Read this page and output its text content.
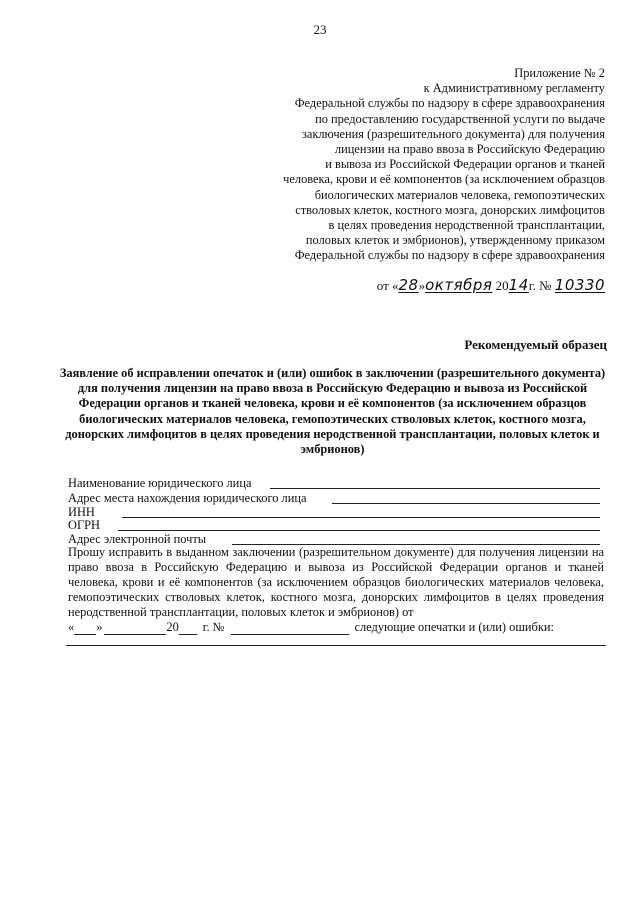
23
Приложение № 2
к Административному регламенту
Федеральной службы по надзору в сфере здравоохранения
по предоставлению государственной услуги по выдаче
заключения (разрешительного документа) для получения
лицензии на право ввоза в Российскую Федерацию
и вывоза из Российской Федерации органов и тканей
человека, крови и её компонентов (за исключением образцов
биологических материалов человека, гемопоэтических
стволовых клеток, костного мозга, донорских лимфоцитов
в целях проведения неродственной трансплантации,
половых клеток и эмбрионов), утвержденному приказом
Федеральной службы по надзору в сфере здравоохранения
от «28»октября 2014г. № 10330
Рекомендуемый образец
Заявление об исправлении опечаток и (или) ошибок в заключении (разрешительного документа) для получения лицензии на право ввоза в Российскую Федерацию и вывоза из Российской Федерации органов и тканей человека, крови и её компонентов (за исключением образцов биологических материалов человека, гемопоэтических стволовых клеток, костного мозга, донорских лимфоцитов в целях проведения неродственной трансплантации, половых клеток и эмбрионов)
Наименование юридического лица
Адрес места нахождения юридического лица
ИНН
ОГРН
Адрес электронной почты
Прошу исправить в выданном заключении (разрешительном документе) для получения лицензии на право ввоза в Российскую Федерацию и вывоза из Российской Федерации органов и тканей человека, крови и её компонентов (за исключением образцов биологических материалов человека, гемопоэтических стволовых клеток, костного мозга, донорских лимфоцитов в целях проведения неродственной трансплантации, половых клеток и эмбрионов) от
« »	20 г. №	следующие опечатки и (или) ошибки:
